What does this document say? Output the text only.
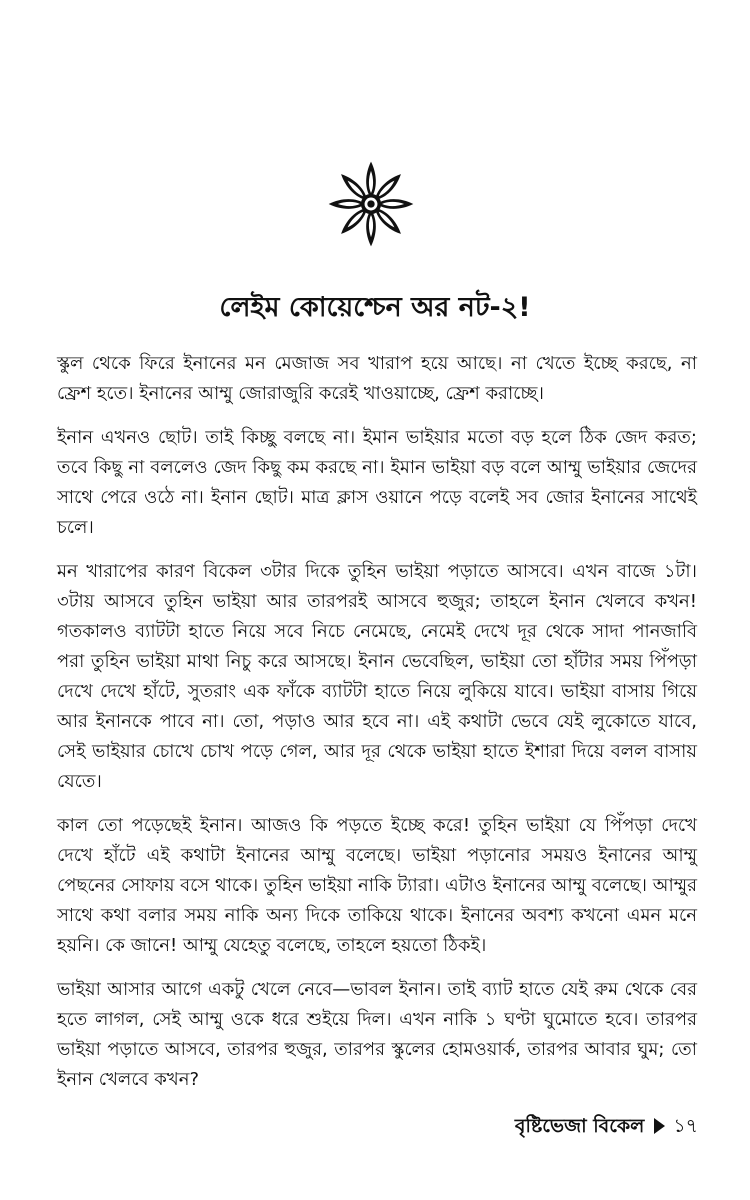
লেইম কোয়েশ্চেন অর নট-২!

স্কুল থেকে ফিরে ইনানের মন মেজাজ সব খারাপ হয়ে আছে। না খেতে ইচ্ছে করছে, না ফ্রেশ হতে। ইনানের আম্মু জোরাজুরি করেই খাওয়াচ্ছে, ফ্রেশ করাচ্ছে।

ইনান এখনও ছোট। তাই কিচ্ছু বলছে না। ইমান ভাইয়ার মতো বড় হলে ঠিক জেদ করত; তবে কিছু না বললেও জেদ কিছু কম করছে না। ইমান ভাইয়া বড় বলে আম্মু ভাইয়ার জেদের সাথে পেরে ওঠে না। ইনান ছোট। মাত্র ক্লাস ওয়ানে পড়ে বলেই সব জোর ইনানের সাথেই চলে।

মন খারাপের কারণ বিকেল ৩টার দিকে তুহিন ভাইয়া পড়াতে আসবে। এখন বাজে ১টা। ৩টায় আসবে তুহিন ভাইয়া আর তারপরই আসবে হুজুর; তাহলে ইনান খেলবে কখন! গতকালও ব্যাটটা হাতে নিয়ে সবে নিচে নেমেছে, নেমেই দেখে দূর থেকে সাদা পানজাবি পরা তুহিন ভাইয়া মাথা নিচু করে আসছে। ইনান ভেবেছিল, ভাইয়া তো হাঁটার সময় পিঁপড়া দেখে দেখে হাঁটে, সুতরাং এক ফাঁকে ব্যাটটা হাতে নিয়ে লুকিয়ে যাবে। ভাইয়া বাসায় গিয়ে আর ইনানকে পাবে না। তো, পড়াও আর হবে না। এই কথাটা ভেবে যেই লুকোতে যাবে, সেই ভাইয়ার চোখে চোখ পড়ে গেল, আর দূর থেকে ভাইয়া হাতে ইশারা দিয়ে বলল বাসায় যেতে।

কাল তো পড়েছেই ইনান। আজও কি পড়তে ইচ্ছে করে! তুহিন ভাইয়া যে পিঁপড়া দেখে দেখে হাঁটে এই কথাটা ইনানের আম্মু বলেছে। ভাইয়া পড়ানোর সময়ও ইনানের আম্মু পেছনের সোফায় বসে থাকে। তুহিন ভাইয়া নাকি ট্যারা। এটাও ইনানের আম্মু বলেছে। আম্মুর সাথে কথা বলার সময় নাকি অন্য দিকে তাকিয়ে থাকে। ইনানের অবশ্য কখনো এমন মনে হয়নি। কে জানে! আম্মু যেহেতু বলেছে, তাহলে হয়তো ঠিকই।

ভাইয়া আসার আগে একটু খেলে নেবে—ভাবল ইনান। তাই ব্যাট হাতে যেই রুম থেকে বের হতে লাগল, সেই আম্মু ওকে ধরে শুইয়ে দিল। এখন নাকি ১ ঘণ্টা ঘুমোতে হবে। তারপর ভাইয়া পড়াতে আসবে, তারপর হুজুর, তারপর স্কুলের হোমওয়ার্ক, তারপর আবার ঘুম; তো ইনান খেলবে কখন?

বৃষ্টিভেজা বিকেল ১৭
